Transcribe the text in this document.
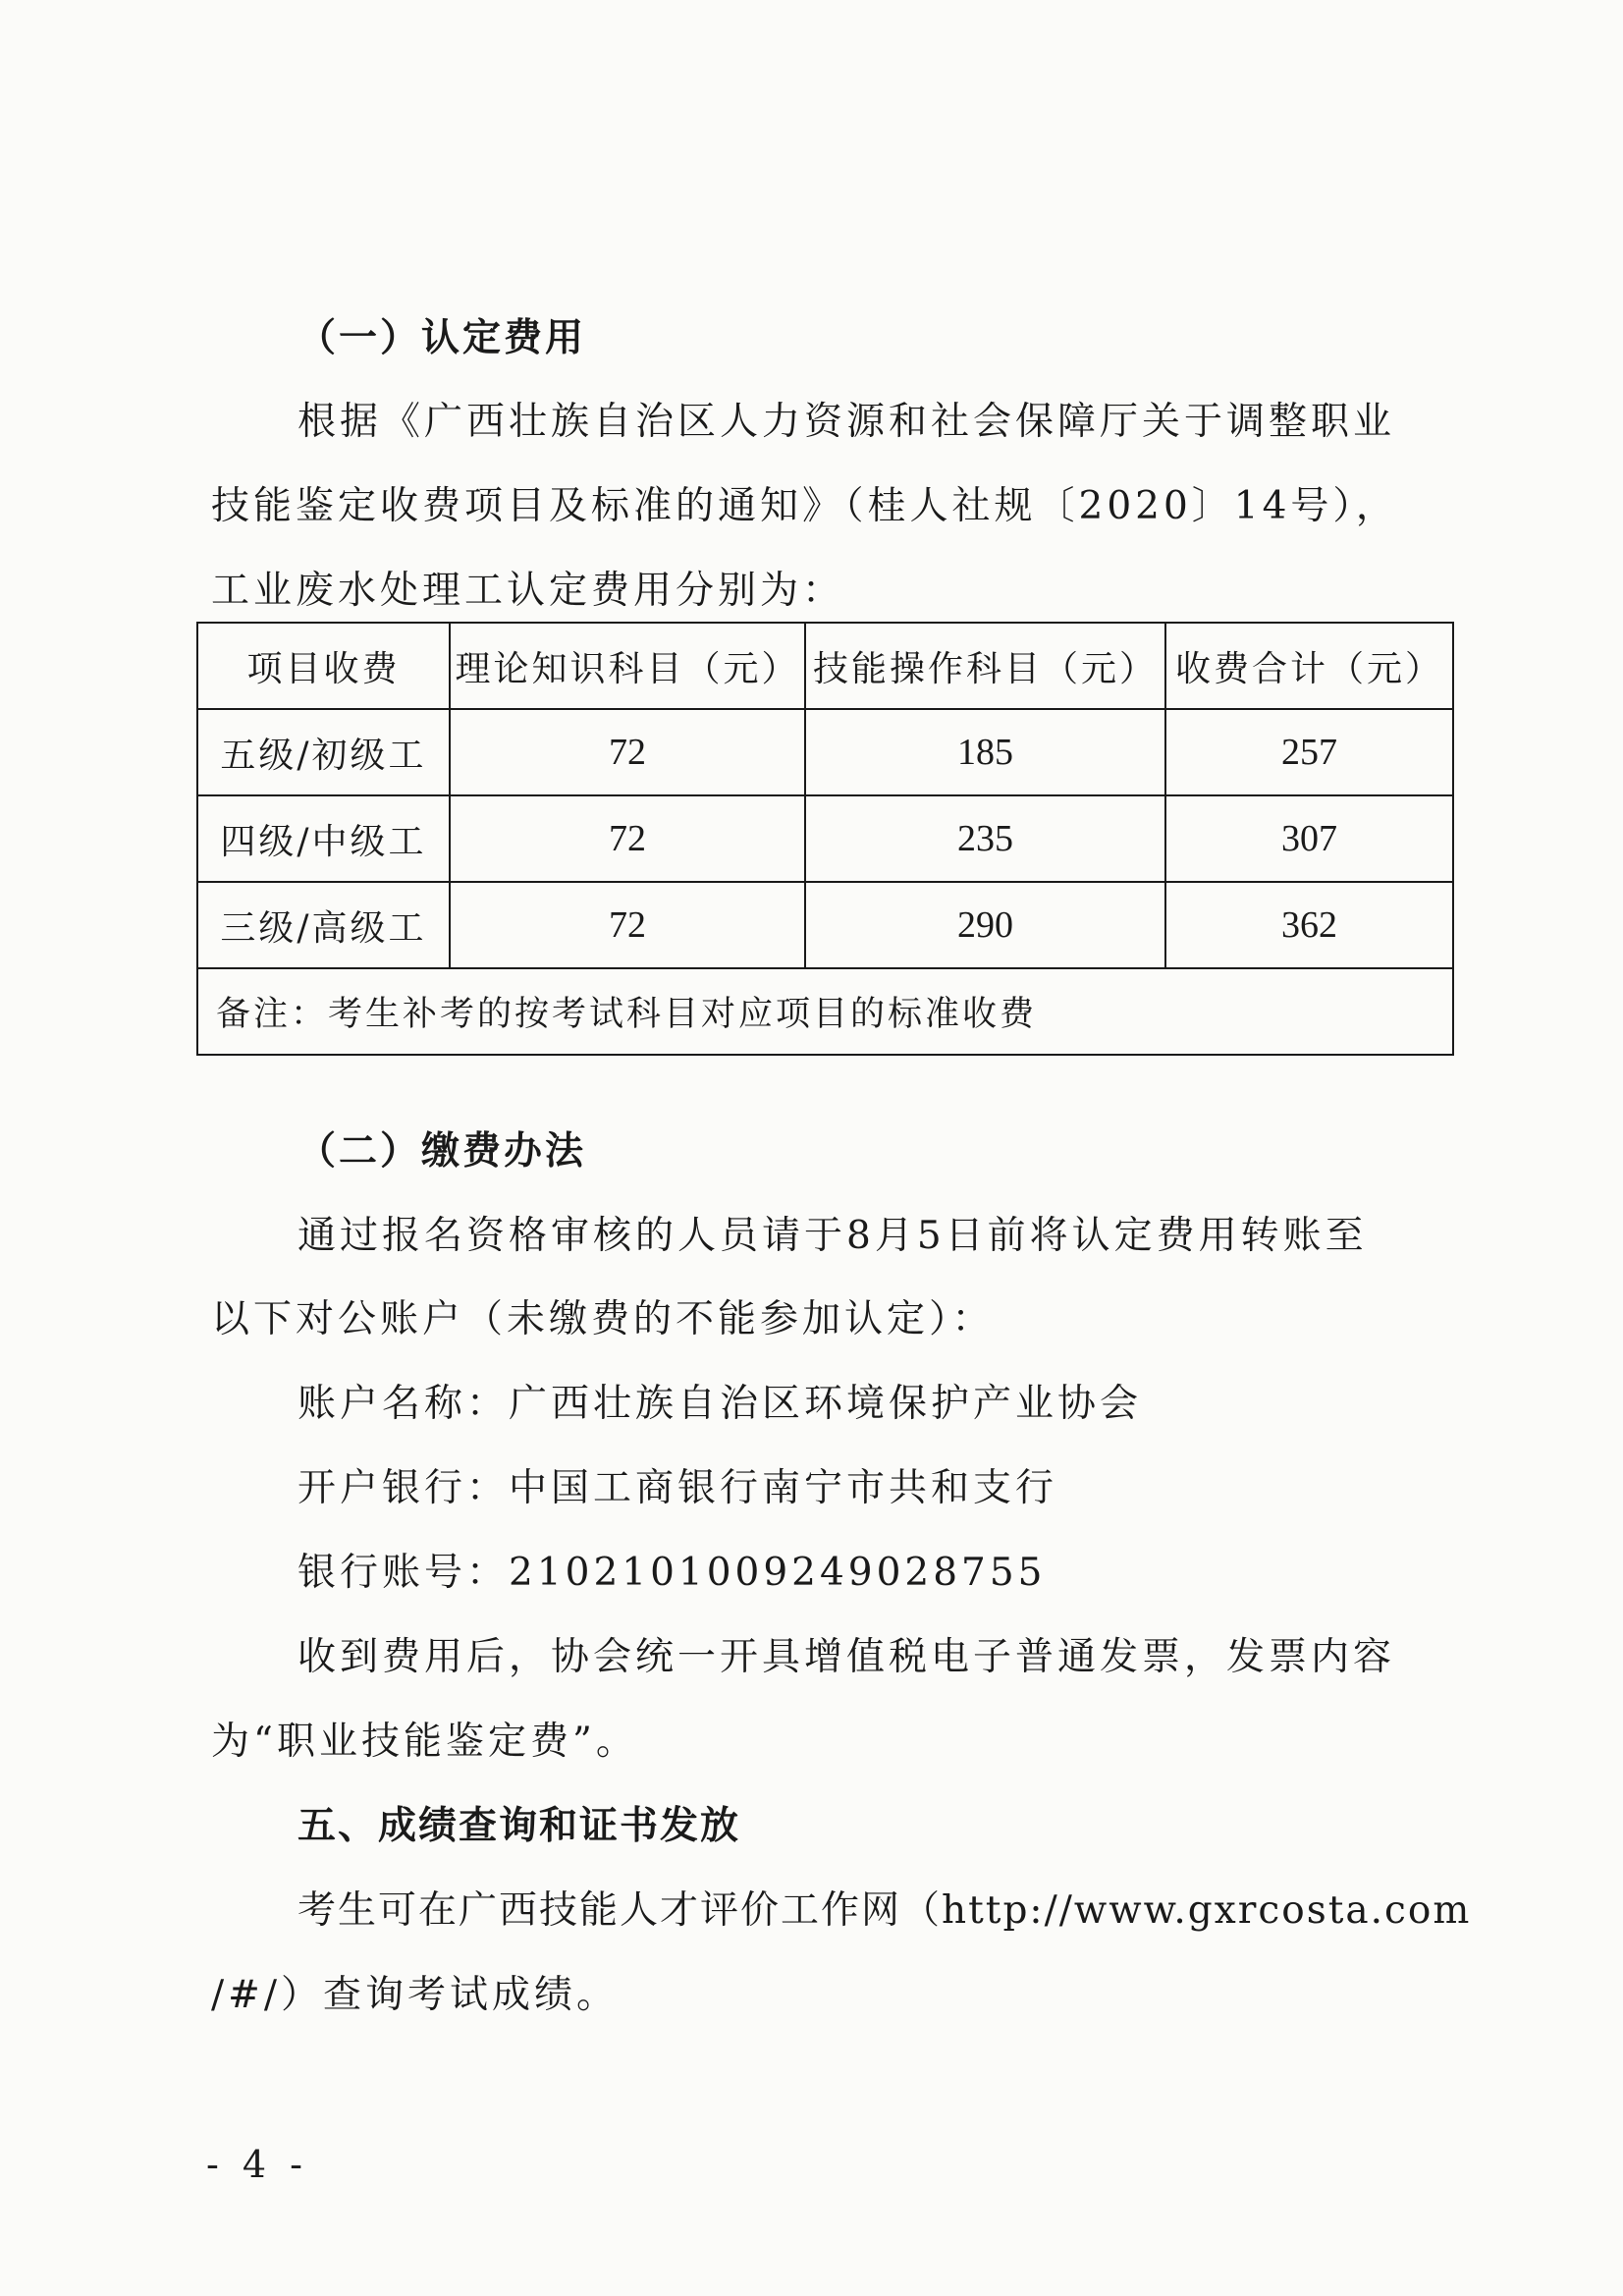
（一）认定费用
根据《广西壮族自治区人力资源和社会保障厅关于调整职业
技能鉴定收费项目及标准的通知》（桂人社规〔2020〕14号），
工业废水处理工认定费用分别为：
项目收费	理论知识科目（元）	技能操作科目（元）	收费合计（元）
五级/初级工	72	185	257
四级/中级工	72	235	307
三级/高级工	72	290	362
备注：考生补考的按考试科目对应项目的标准收费			
（二）缴费办法
通过报名资格审核的人员请于8月5日前将认定费用转账至
以下对公账户（未缴费的不能参加认定）：
账户名称：广西壮族自治区环境保护产业协会
开户银行：中国工商银行南宁市共和支行
银行账号：2102101009249028755
收到费用后，协会统一开具增值税电子普通发票，发票内容
为“职业技能鉴定费”。
五、成绩查询和证书发放
考生可在广西技能人才评价工作网（http://www.gxrcosta.com
/#/）查询考试成绩。
- 4 -
